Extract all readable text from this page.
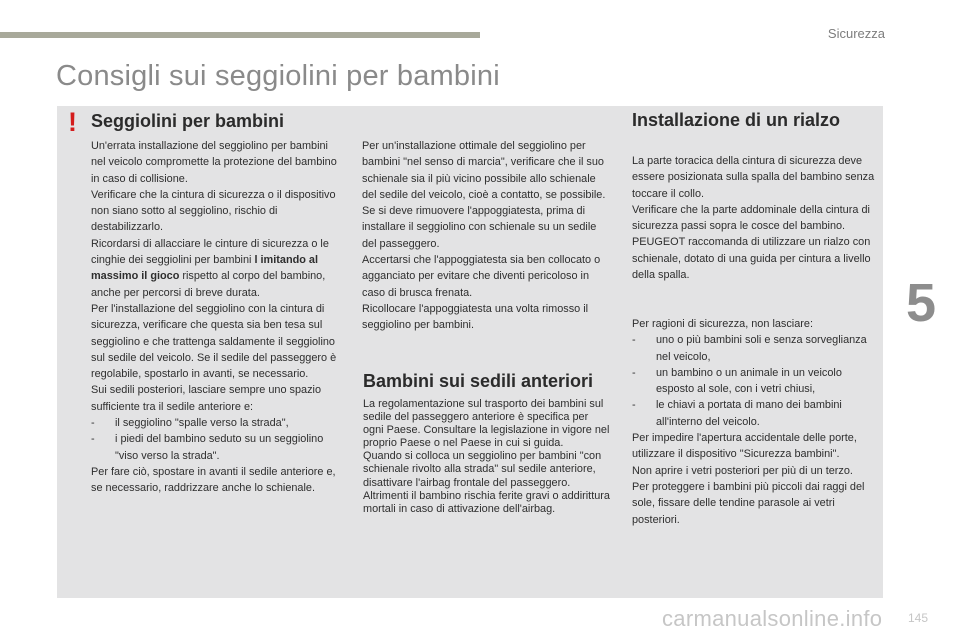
Sicurezza
5
Consigli sui seggiolini per bambini
! Seggiolini per bambini

Un'errata installazione del seggiolino per bambini nel veicolo compromette la protezione del bambino in caso di collisione.

Verificare che la cintura di sicurezza o il dispositivo non siano sotto al seggiolino, rischio di destabilizzarlo.

Ricordarsi di allacciare le cinture di sicurezza o le cinghie dei seggiolini per bambini l imitando al massimo il gioco rispetto al corpo del bambino, anche per percorsi di breve durata.

Per l'installazione del seggiolino con la cintura di sicurezza, verificare che questa sia ben tesa sul seggiolino e che trattenga saldamente il seggiolino sul sedile del veicolo. Se il sedile del passeggero è regolabile, spostarlo in avanti, se necessario.

Sui sedili posteriori, lasciare sempre uno spazio sufficiente tra il sedile anteriore e:

-	il seggiolino "spalle verso la strada",
-	i piedi del bambino seduto su un seggiolino "viso verso la strada".

Per fare ciò, spostare in avanti il sedile anteriore e, se necessario, raddrizzare anche lo schienale.

Per un'installazione ottimale del seggiolino per bambini "nel senso di marcia", verificare che il suo schienale sia il più vicino possibile allo schienale del sedile del veicolo, cioè a contatto, se possibile.

Se si deve rimuovere l'appoggiatesta, prima di installare il seggiolino con schienale su un sedile del passeggero.

Accertarsi che l'appoggiatesta sia ben collocato o agganciato per evitare che diventi pericoloso in caso di brusca frenata.

Ricollocare l'appoggiatesta una volta rimosso il seggiolino per bambini.

Bambini sui sedili anteriori

La regolamentazione sul trasporto dei bambini sul sedile del passeggero anteriore è specifica per ogni Paese. Consultare la legislazione in vigore nel proprio Paese o nel Paese in cui si guida.

Quando si colloca un seggiolino per bambini "con schienale rivolto alla strada" sul sedile anteriore, disattivare l'airbag frontale del passeggero. Altrimenti il bambino rischia ferite gravi o addirittura mortali in caso di attivazione dell'airbag.

Installazione di un rialzo

La parte toracica della cintura di sicurezza deve essere posizionata sulla spalla del bambino senza toccare il collo.

Verificare che la parte addominale della cintura di sicurezza passi sopra le cosce del bambino.

PEUGEOT raccomanda di utilizzare un rialzo con schienale, dotato di una guida per cintura a livello della spalla.

Per ragioni di sicurezza, non lasciare:

-	uno o più bambini soli e senza sorveglianza nel veicolo,
-	un bambino o un animale in un veicolo esposto al sole, con i vetri chiusi,
-	le chiavi a portata di mano dei bambini all'interno del veicolo.

Per impedire l'apertura accidentale delle porte, utilizzare il dispositivo "Sicurezza bambini".

Non aprire i vetri posteriori per più di un terzo.

Per proteggere i bambini più piccoli dai raggi del sole, fissare delle tendine parasole ai vetri posteriori.

carmanualsonline.info 145
